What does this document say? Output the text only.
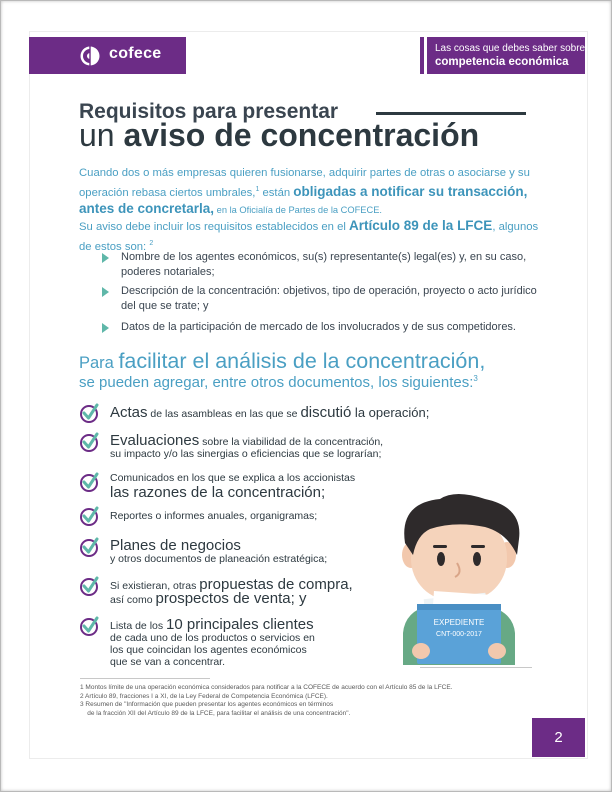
cofece	Las cosas que debes saber sobre
competencia económica
Requisitos para presentar
un aviso de concentración
Cuando dos o más empresas quieren fusionarse, adquirir partes de otras o asociarse y su operación rebasa ciertos umbrales,$^1$ están obligadas a notificar su transacción, antes de concretarla, en la Oficialía de Partes de la COFECE.
Su aviso debe incluir los requisitos establecidos en el Artículo 89 de la LFCE, algunos de estos son: $^2$
Nombre de los agentes económicos, su(s) representante(s) legal(es) y, en su caso, poderes notariales;
Descripción de la concentración: objetivos, tipo de operación, proyecto o acto jurídico del que se trate; y
Datos de la participación de mercado de los involucrados y de sus competidores.
Para facilitar el análisis de la concentración,
se pueden agregar, entre otros documentos, los siguientes:$^3$
Actas de las asambleas en las que se discutió la operación;
Evaluaciones sobre la viabilidad de la concentración,
su impacto y/o las sinergias o eficiencias que se lograrían;
Comunicados en los que se explica a los accionistas
las razones de la concentración;
Reportes o informes anuales, organigramas;
Planes de negocios
y otros documentos de planeación estratégica;
Si existieran, otras propuestas de compra,
así como prospectos de venta; y
Lista de los 10 principales clientes
de cada uno de los productos o servicios en
los que coincidan los agentes económicos
que se van a concentrar.
EXPEDIENTE
CNT-000-2017
1 Montos límite de una operación económica considerados para notificar a la COFECE de acuerdo con el Artículo 85 de la LFCE.
2 Artículo 89, fracciones I a XI, de la Ley Federal de Competencia Económica (LFCE).
3 Resumen de "Información que pueden presentar los agentes económicos en términos
de la fracción XII del Artículo 89 de la LFCE, para facilitar el análisis de una concentración".
2
